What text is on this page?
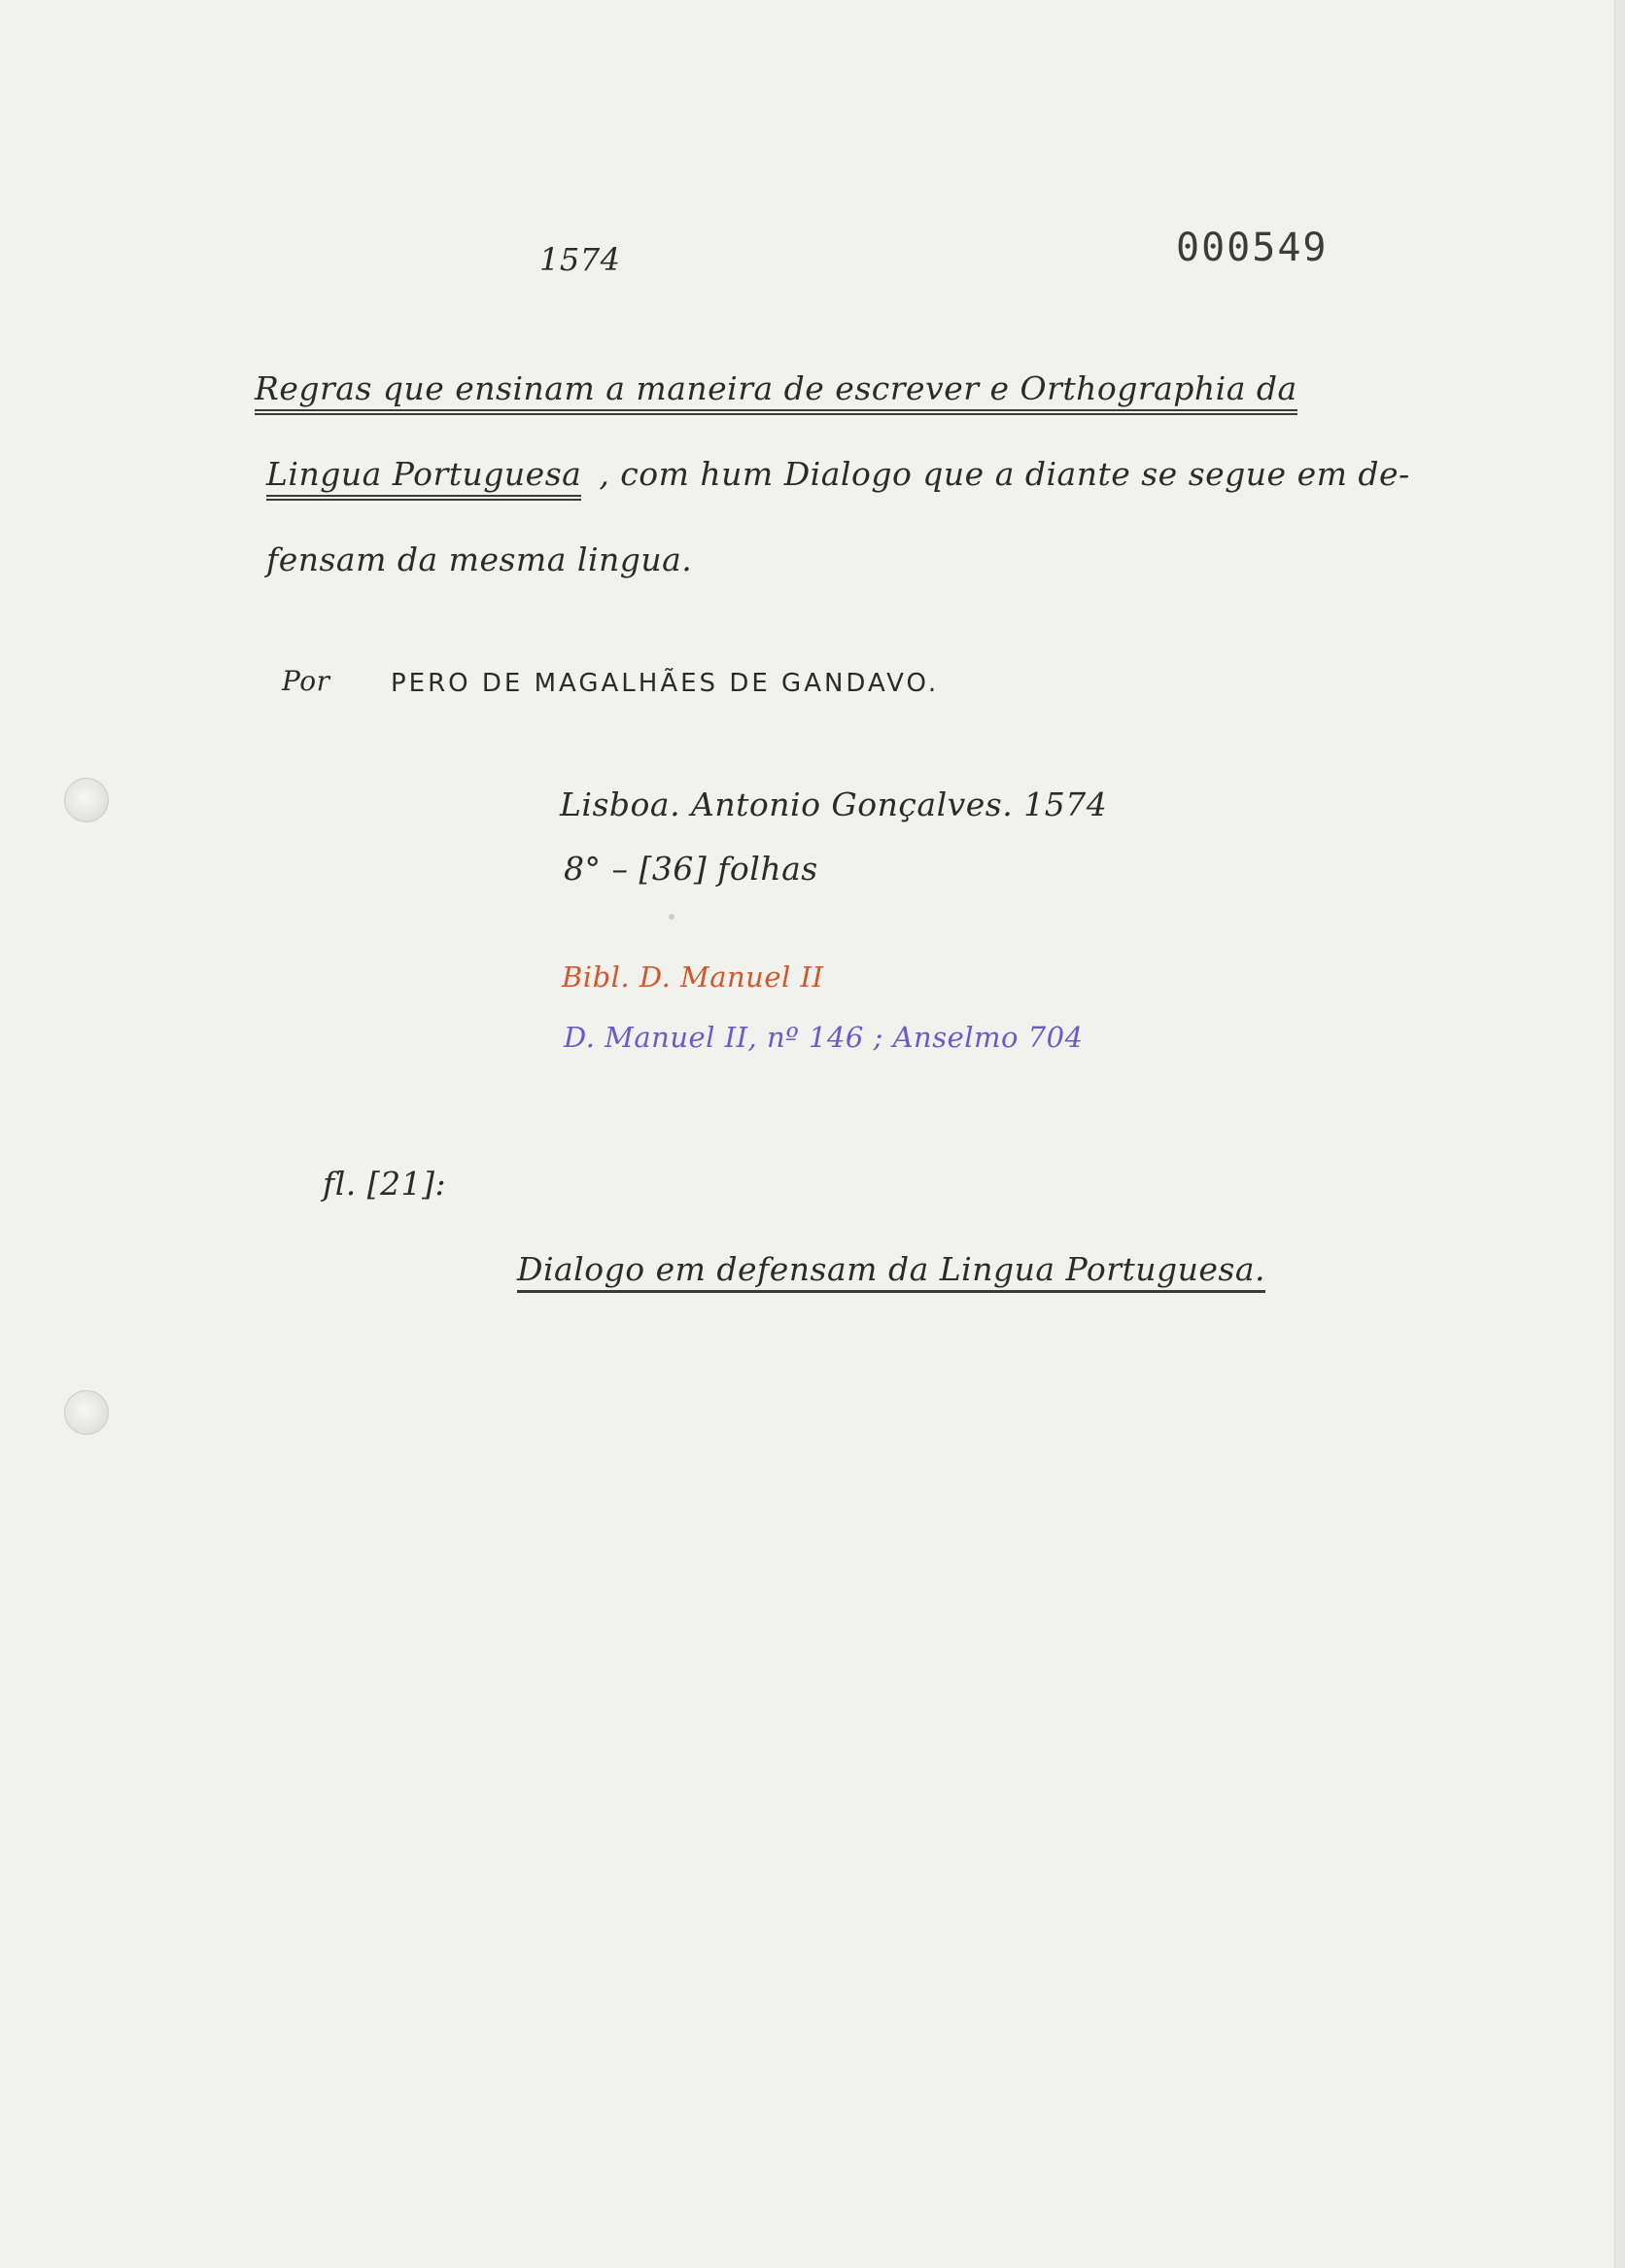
1574	000549
Regras que ensinam a maneira de escrever e Orthographia da
Lingua Portuguesa , com hum Dialogo que a diante se segue em de-
fensam da mesma lingua.
Por PERO DE MAGALHÃES DE GANDAVO.
Lisboa. Antonio Gonçalves. 1574
8° – [36] folhas
Bibl. D. Manuel II
D. Manuel II, nº 146 ; Anselmo 704
fl. [21]:
Dialogo em defensam da Lingua Portuguesa.
